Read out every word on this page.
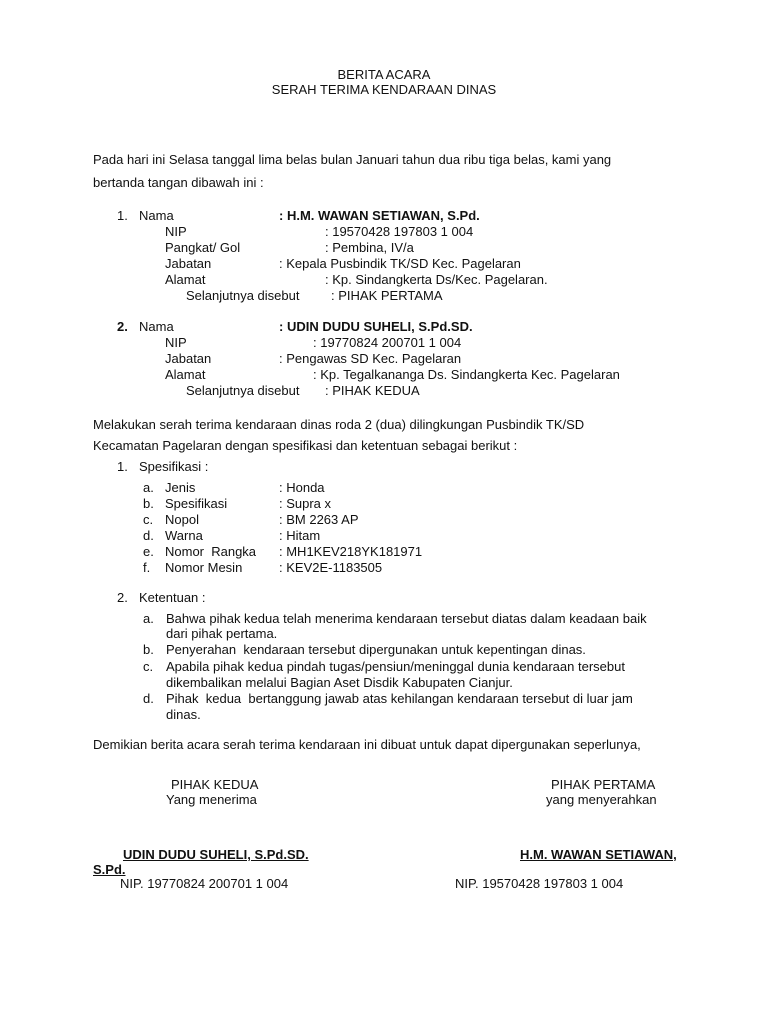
BERITA ACARA
SERAH TERIMA KENDARAAN DINAS
Pada hari ini Selasa tanggal lima belas bulan Januari tahun dua ribu tiga belas, kami yang
bertanda tangan dibawah ini :
1. Nama	: H.M. WAWAN SETIAWAN, S.Pd.
NIP	: 19570428 197803 1 004
Pangkat/ Gol	: Pembina, IV/a
Jabatan	: Kepala Pusbindik TK/SD Kec. Pagelaran
Alamat	: Kp. Sindangkerta Ds/Kec. Pagelaran.
Selanjutnya disebut : PIHAK PERTAMA
2. Nama	: UDIN DUDU SUHELI, S.Pd.SD.
NIP	: 19770824 200701 1 004
Jabatan	: Pengawas SD Kec. Pagelaran
Alamat	: Kp. Tegalkananga Ds. Sindangkerta Kec. Pagelaran
Selanjutnya disebut : PIHAK KEDUA
Melakukan serah terima kendaraan dinas roda 2 (dua) dilingkungan Pusbindik TK/SD
Kecamatan Pagelaran dengan spesifikasi dan ketentuan sebagai berikut :
1. Spesifikasi :
a. Jenis	: Honda
b. Spesifikasi	: Supra x
c. Nopol	: BM 2263 AP
d. Warna	: Hitam
e. Nomor  Rangka : MH1KEV218YK181971
f. Nomor Mesin	: KEV2E-1183505
2. Ketentuan :
a. Bahwa pihak kedua telah menerima kendaraan tersebut diatas dalam keadaan baik
dari pihak pertama.
b. Penyerahan  kendaraan tersebut dipergunakan untuk kepentingan dinas.
c. Apabila pihak kedua pindah tugas/pensiun/meninggal dunia kendaraan tersebut
dikembalikan melalui Bagian Aset Disdik Kabupaten Cianjur.
d. Pihak  kedua  bertanggung jawab atas kehilangan kendaraan tersebut di luar jam
dinas.
Demikian berita acara serah terima kendaraan ini dibuat untuk dapat dipergunakan seperlunya,
PIHAK KEDUA
Yang menerima
UDIN DUDU SUHELI, S.Pd.SD.
NIP. 19770824 200701 1 004
PIHAK PERTAMA
yang menyerahkan
H.M. WAWAN SETIAWAN,
S.Pd.
NIP. 19570428 197803 1 004
